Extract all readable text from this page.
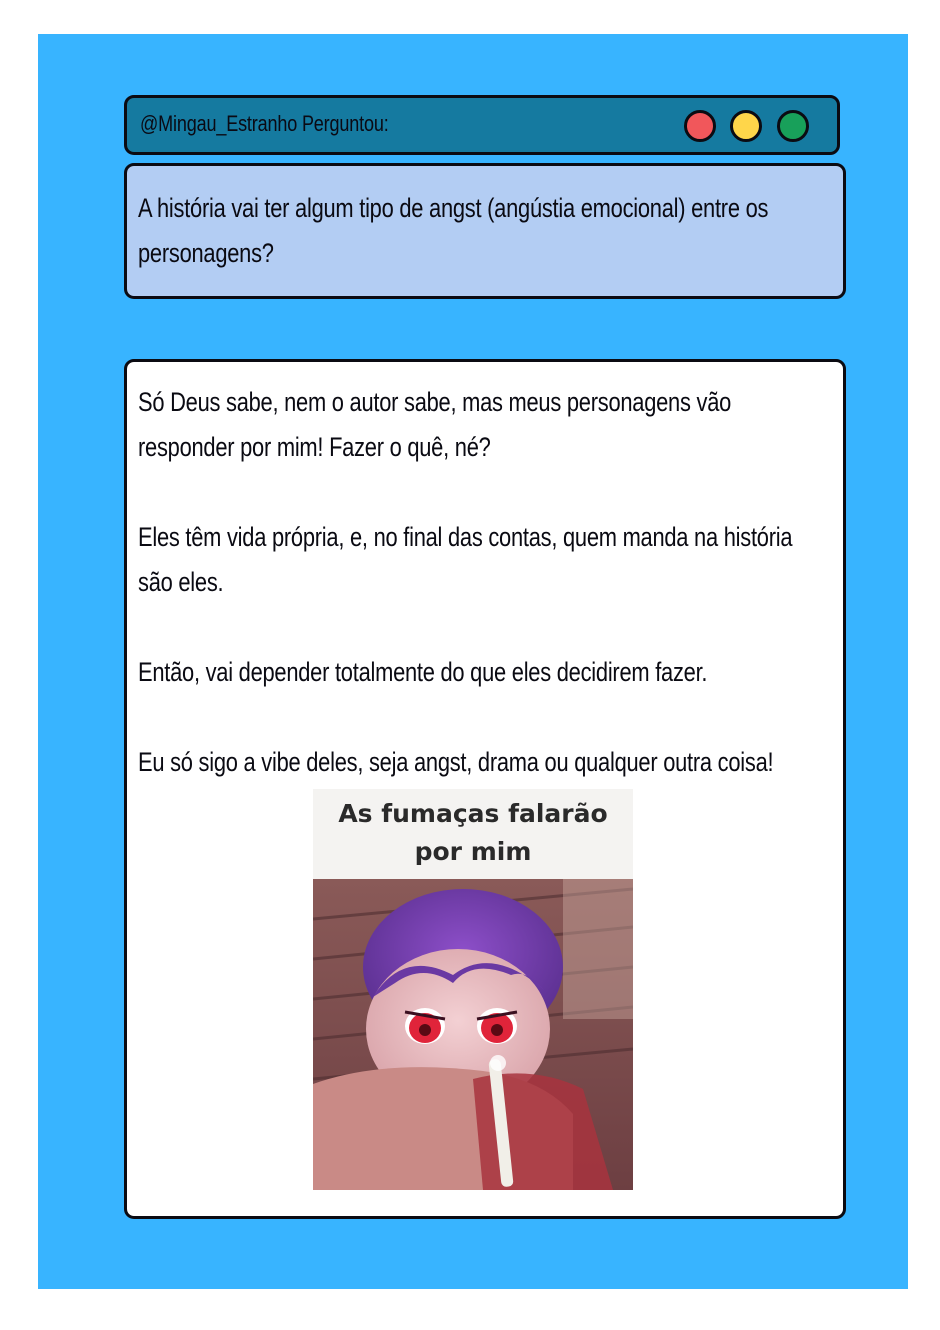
@Mingau_Estranho Perguntou:
A história vai ter algum tipo de angst (angústia emocional) entre os personagens?

Só Deus sabe, nem o autor sabe, mas meus personagens vão responder por mim! Fazer o quê, né?

Eles têm vida própria, e, no final das contas, quem manda na história são eles.

Então, vai depender totalmente do que eles decidirem fazer.

Eu só sigo a vibe deles, seja angst, drama ou qualquer outra coisa!

As fumaças falarão
por mim
